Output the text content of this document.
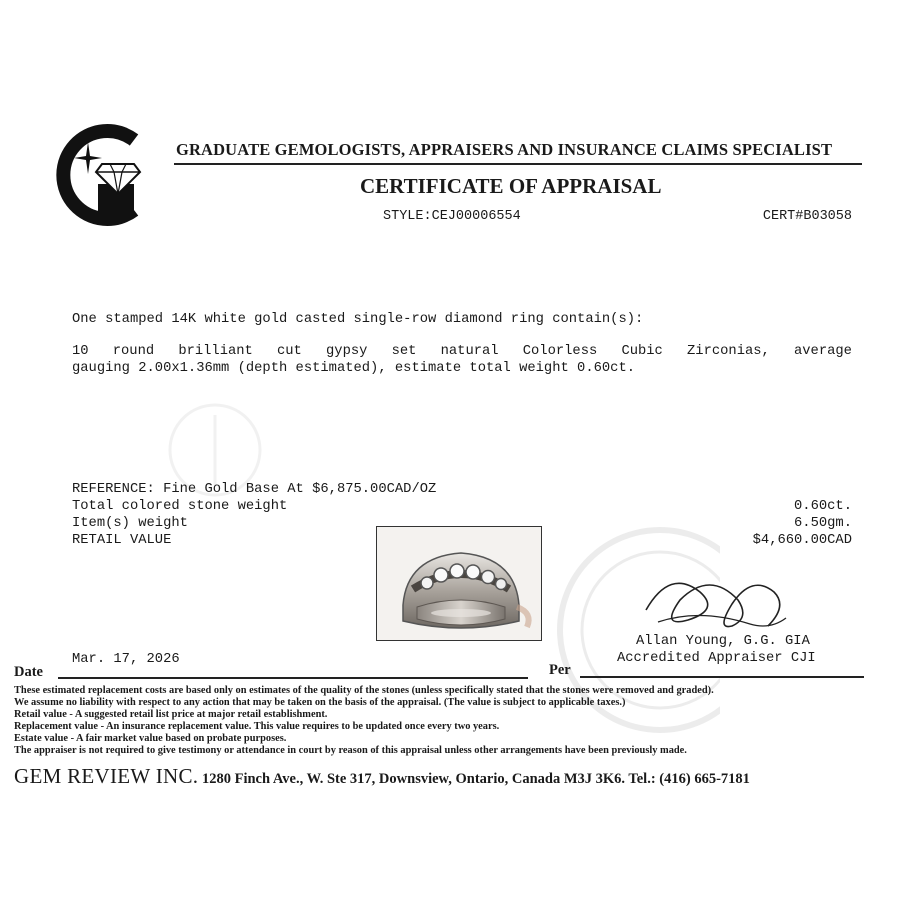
GRADUATE GEMOLOGISTS, APPRAISERS AND INSURANCE CLAIMS SPECIALIST
CERTIFICATE OF APPRAISAL
STYLE:CEJ00006554	CERT#B03058
One stamped 14K white gold casted single-row diamond ring contain(s):
10 round brilliant cut gypsy set natural Colorless Cubic Zirconias, average
gauging 2.00x1.36mm (depth estimated), estimate total weight 0.60ct.
REFERENCE: Fine Gold Base At $6,875.00CAD/OZ
Total colored stone weight	0.60ct.
Item(s) weight	6.50gm.
RETAIL VALUE	$4,660.00CAD
Allan Young, G.G. GIA
Accredited Appraiser CJI
Mar. 17, 2026
Date	Per
These estimated replacement costs are based only on estimates of the quality of the stones (unless specifically stated that the stones were removed and graded).
We assume no liability with respect to any action that may be taken on the basis of the appraisal. (The value is subject to applicable taxes.)
Retail value - A suggested retail list price at major retail establishment.
Replacement value - An insurance replacement value. This value requires to be updated once every two years.
Estate value - A fair market value based on probate purposes.
The appraiser is not required to give testimony or attendance in court by reason of this appraisal unless other arrangements have been previously made.
GEM REVIEW INC. 1280 Finch Ave., W. Ste 317, Downsview, Ontario, Canada M3J 3K6. Tel.: (416) 665-7181
